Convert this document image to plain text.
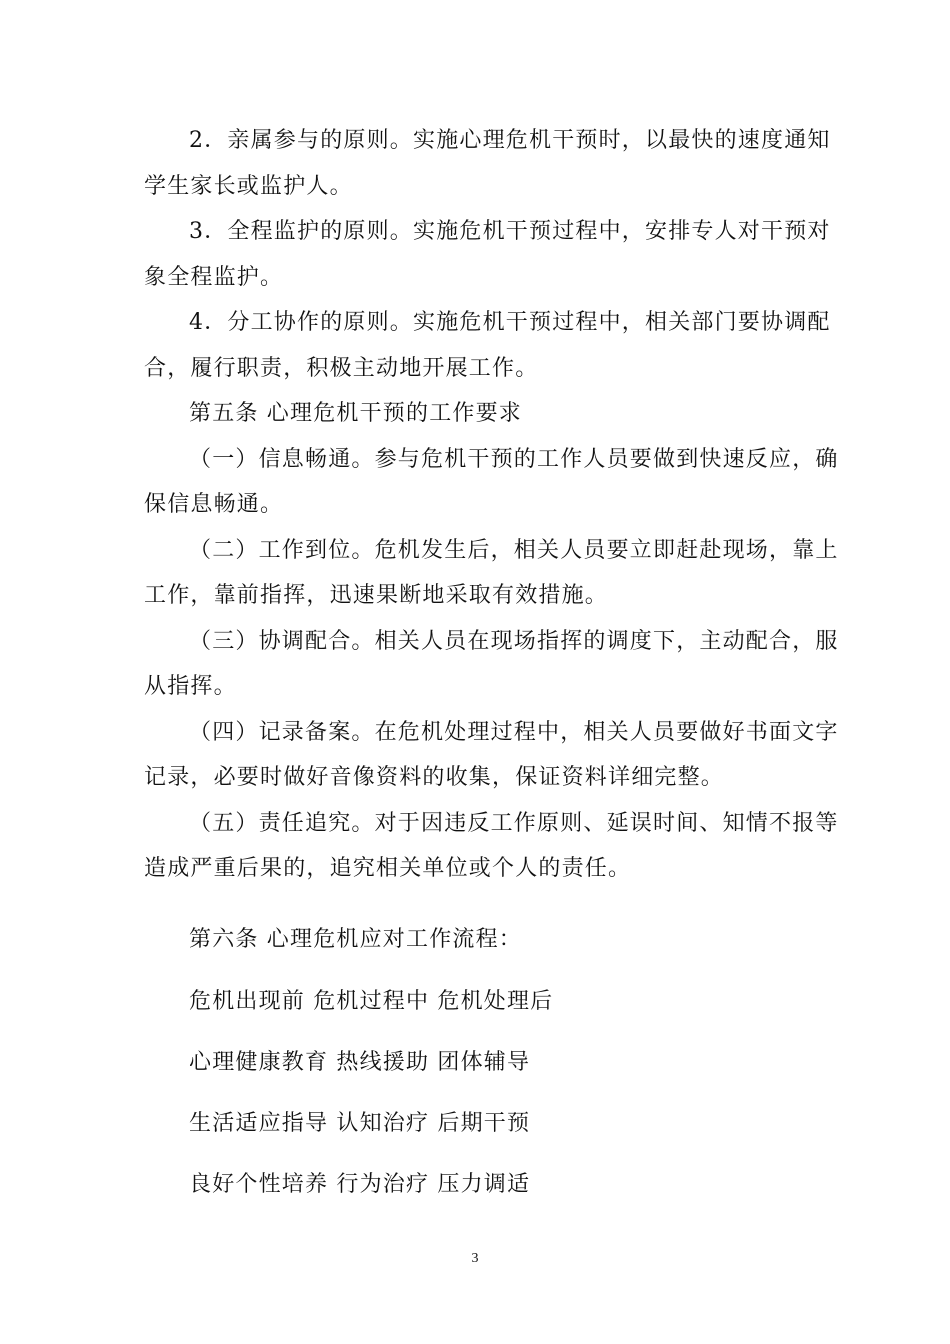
2．亲属参与的原则。实施心理危机干预时，以最快的速度通知
学生家长或监护人。
3．全程监护的原则。实施危机干预过程中，安排专人对干预对
象全程监护。
4．分工协作的原则。实施危机干预过程中，相关部门要协调配
合，履行职责，积极主动地开展工作。
第五条 心理危机干预的工作要求
（一）信息畅通。参与危机干预的工作人员要做到快速反应，确
保信息畅通。
（二）工作到位。危机发生后，相关人员要立即赶赴现场，靠上
工作，靠前指挥，迅速果断地采取有效措施。
（三）协调配合。相关人员在现场指挥的调度下，主动配合，服
从指挥。
（四）记录备案。在危机处理过程中，相关人员要做好书面文字
记录，必要时做好音像资料的收集，保证资料详细完整。
（五）责任追究。对于因违反工作原则、延误时间、知情不报等
造成严重后果的，追究相关单位或个人的责任。
第六条 心理危机应对工作流程：
危机出现前 危机过程中 危机处理后
心理健康教育 热线援助 团体辅导
生活适应指导 认知治疗 后期干预
良好个性培养 行为治疗 压力调适
3
